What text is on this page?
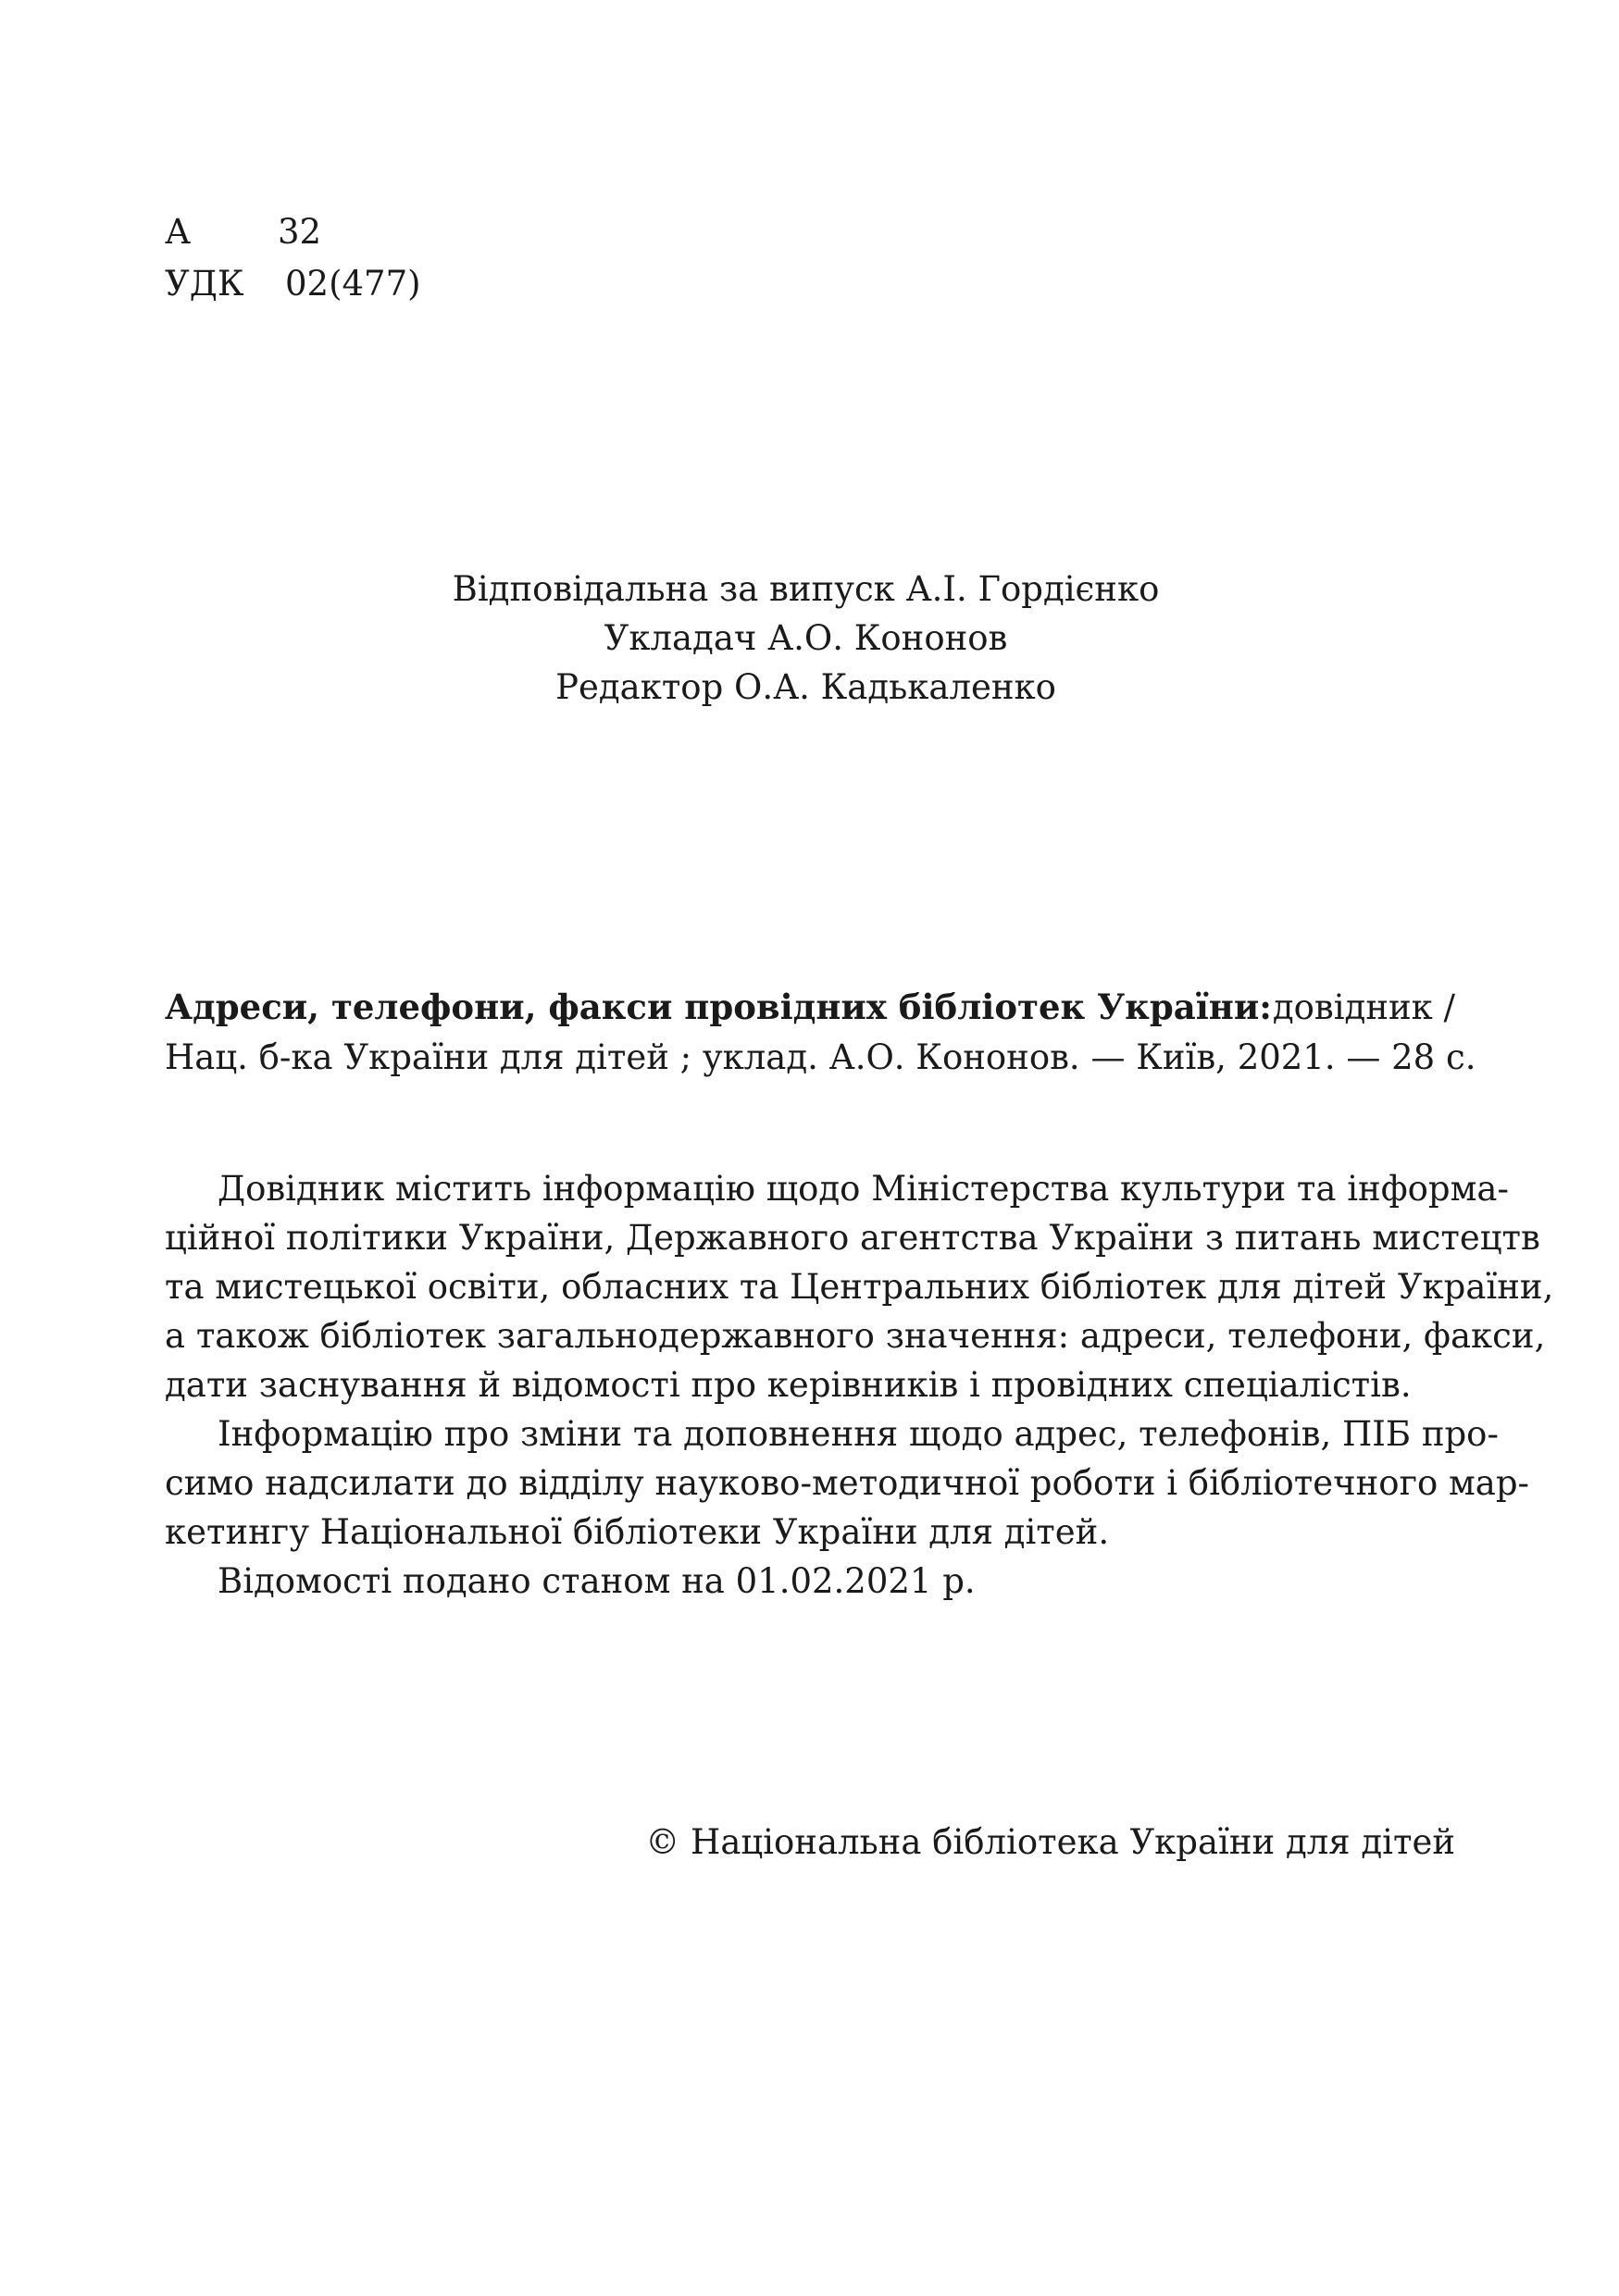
А	32
УДК 02(477)
Відповідальна за випуск А.І. Гордієнко
Укладач А.О. Кононов
Редактор О.А. Кадькаленко
Адреси, телефони, факси провідних бібліотек України: довідник /
Нац. б-ка України для дітей ; уклад. А.О. Кононов. — Київ, 2021. — 28 с.
Довідник містить інформацію щодо Міністерства культури та інформа-
ційної політики України, Державного агентства України з питань мистецтв
та мистецької освіти, обласних та Центральних бібліотек для дітей України,
а також бібліотек загальнодержавного значення: адреси, телефони, факси,
дати заснування й відомості про керівників і провідних спеціалістів.
Інформацію про зміни та доповнення щодо адрес, телефонів, ПІБ про-
симо надсилати до відділу науково-методичної роботи і бібліотечного мар-
кетингу Національної бібліотеки України для дітей.
Відомості подано станом на 01.02.2021 р.
© Національна бібліотека України для дітей
